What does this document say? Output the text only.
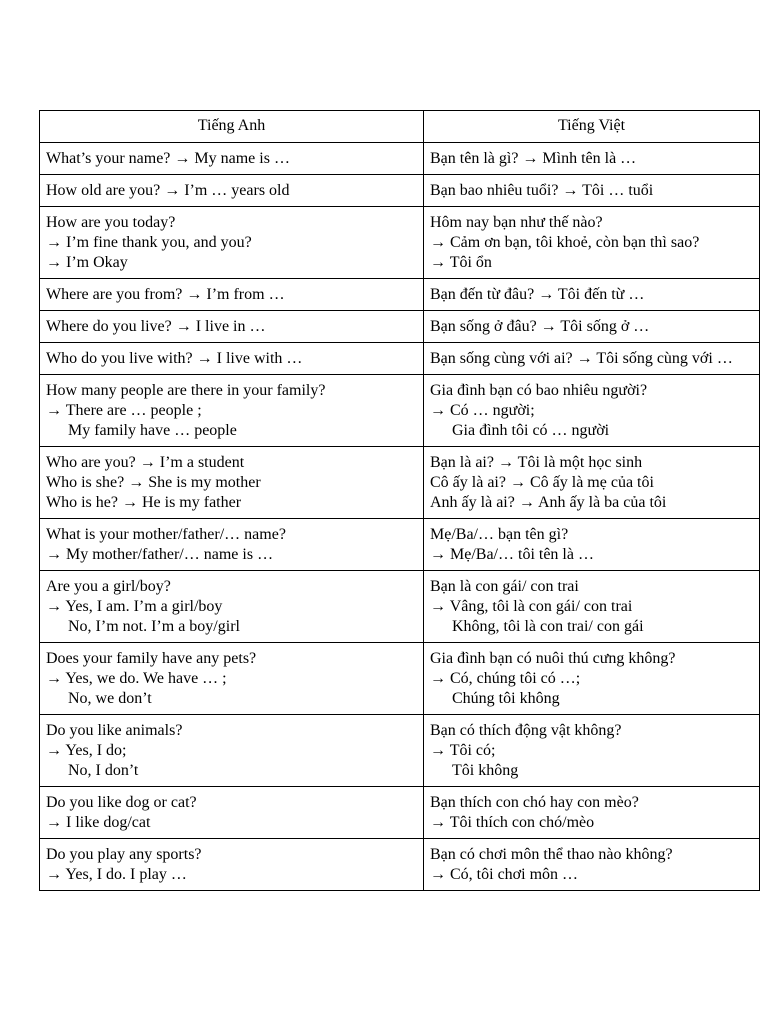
Tiếng Anh	Tiếng Việt

What’s your name? → My name is …	Bạn tên là gì? → Mình tên là …

How old are you? → I’m … years old	Bạn bao nhiêu tuổi? → Tôi … tuổi

How are you today?
→ I’m fine thank you, and you?
→ I’m Okay	Hôm nay bạn như thế nào?
→ Cảm ơn bạn, tôi khoẻ, còn bạn thì sao?
→ Tôi ổn

Where are you from? → I’m from …	Bạn đến từ đâu? → Tôi đến từ …

Where do you live? → I live in …	Bạn sống ở đâu? → Tôi sống ở …

Who do you live with? → I live with …	Bạn sống cùng với ai? → Tôi sống cùng với …

How many people are there in your family?
→ There are … people ;
My family have … people	Gia đình bạn có bao nhiêu người?
→ Có … người;
Gia đình tôi có … người

Who are you? → I’m a student
Who is she? → She is my mother
Who is he? → He is my father	Bạn là ai? → Tôi là một học sinh
Cô ấy là ai? → Cô ấy là mẹ của tôi
Anh ấy là ai? → Anh ấy là ba của tôi

What is your mother/father/… name?
→ My mother/father/… name is …	Mẹ/Ba/… bạn tên gì?
→ Mẹ/Ba/… tôi tên là …

Are you a girl/boy?
→ Yes, I am. I’m a girl/boy
No, I’m not. I’m a boy/girl	Bạn là con gái/ con trai
→ Vâng, tôi là con gái/ con trai
Không, tôi là con trai/ con gái

Does your family have any pets?
→ Yes, we do. We have … ;
No, we don’t	Gia đình bạn có nuôi thú cưng không?
→ Có, chúng tôi có …;
Chúng tôi không

Do you like animals?
→ Yes, I do;
No, I don’t	Bạn có thích động vật không?
→ Tôi có;
Tôi không

Do you like dog or cat?
→ I like dog/cat	Bạn thích con chó hay con mèo?
→ Tôi thích con chó/mèo

Do you play any sports?
→ Yes, I do. I play …	Bạn có chơi môn thể thao nào không?
→ Có, tôi chơi môn …
